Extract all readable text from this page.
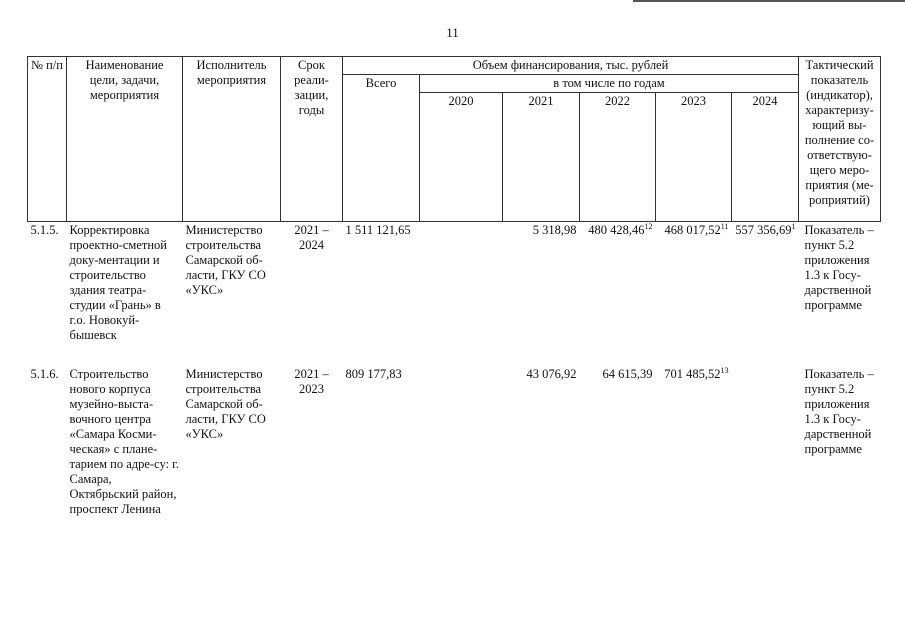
11
№ п/п	Наименование цели, задачи, мероприятия	Исполнитель мероприятия	Срок реали-зации, годы	Объем финансирования, тыс. рублей						Тактический показатель (индикатор), характеризу-ющий вы-полнение со-ответствую-щего меро-приятия (ме-роприятий)
				Всего	в том числе по годам					
					2020	2021	2022	2023	2024	
5.1.5.	Корректировка проектно-сметной доку-ментации и строительство здания театра-студии «Грань» в г.о. Новокуй-бышевск	Министерство строительства Самарской об-ласти, ГКУ СО «УКС»	2021 – 2024	1 511 121,65		5 318,98	480 428,46$^{12}$	468 017,52$^{11}$	557 356,69$^1$	Показатель – пункт 5.2 приложения 1.3 к Госу-дарственной программе
5.1.6.	Строительство нового корпуса музейно-выста-вочного центра «Самара Косми-ческая» с плане-тарием по адре-су: г. Самара, Октябрьский район, проспект Ленина	Министерство строительства Самарской об-ласти, ГКУ СО «УКС»	2021 – 2023	809 177,83		43 076,92	64 615,39	701 485,52$^{13}$		Показатель – пункт 5.2 приложения 1.3 к Госу-дарственной программе
